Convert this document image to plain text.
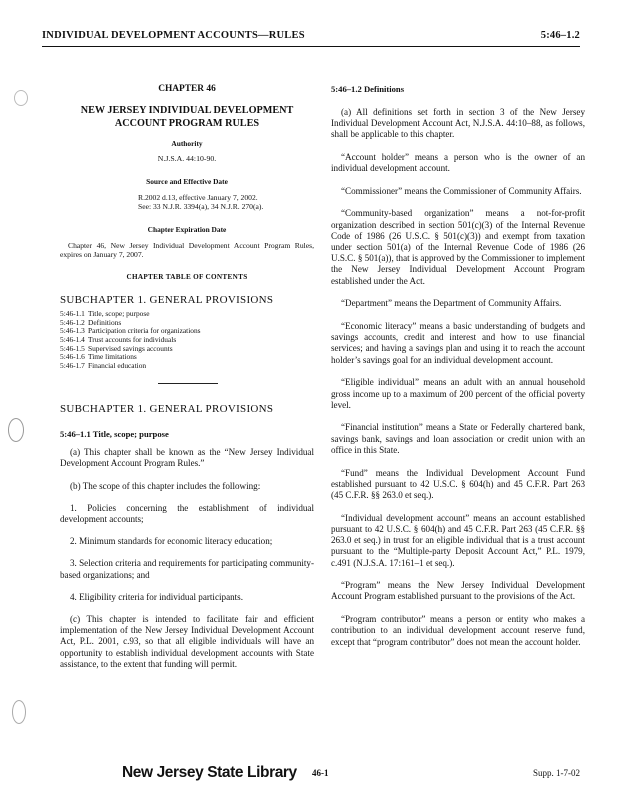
INDIVIDUAL DEVELOPMENT ACCOUNTS—RULES	5:46–1.2

CHAPTER 46

NEW JERSEY INDIVIDUAL DEVELOPMENT ACCOUNT PROGRAM RULES

Authority

N.J.S.A. 44:10-90.

Source and Effective Date

R.2002 d.13, effective January 7, 2002.

See: 33 N.J.R. 3394(a), 34 N.J.R. 270(a).

Chapter Expiration Date

Chapter 46, New Jersey Individual Development Account Program Rules, expires on January 7, 2007.

CHAPTER TABLE OF CONTENTS

SUBCHAPTER 1. GENERAL PROVISIONS

5:46-1.1 Title, scope; purpose
5:46-1.2 Definitions
5:46-1.3 Participation criteria for organizations
5:46-1.4 Trust accounts for individuals
5:46-1.5 Supervised savings accounts
5:46-1.6 Time limitations
5:46-1.7 Financial education

SUBCHAPTER 1. GENERAL PROVISIONS

5:46–1.1 Title, scope; purpose

(a) This chapter shall be known as the “New Jersey Individual Development Account Program Rules.”

(b) The scope of this chapter includes the following:

1. Policies concerning the establishment of individual development accounts;

2. Minimum standards for economic literacy education;

3. Selection criteria and requirements for participating community-based organizations; and

4. Eligibility criteria for individual participants.

(c) This chapter is intended to facilitate fair and efficient implementation of the New Jersey Individual Development Account Act, P.L. 2001, c.93, so that all eligible individuals will have an opportunity to establish individual development accounts with State assistance, to the extent that funding will permit.

5:46–1.2 Definitions

(a) All definitions set forth in section 3 of the New Jersey Individual Development Account Act, N.J.S.A. 44:10–88, as follows, shall be applicable to this chapter.

“Account holder” means a person who is the owner of an individual development account.

“Commissioner” means the Commissioner of Community Affairs.

“Community-based organization” means a not-for-profit organization described in section 501(c)(3) of the Internal Revenue Code of 1986 (26 U.S.C. § 501(c)(3)) and exempt from taxation under section 501(a) of the Internal Revenue Code of 1986 (26 U.S.C. § 501(a)), that is approved by the Commissioner to implement the New Jersey Individual Development Account Program established under the Act.

“Department” means the Department of Community Affairs.

“Economic literacy” means a basic understanding of budgets and savings accounts, credit and interest and how to use financial services; and having a savings plan and using it to reach the account holder’s savings goal for an individual development account.

“Eligible individual” means an adult with an annual household gross income up to a maximum of 200 percent of the official poverty level.

“Financial institution” means a State or Federally chartered bank, savings bank, savings and loan association or credit union with an office in this State.

“Fund” means the Individual Development Account Fund established pursuant to 42 U.S.C. § 604(h) and 45 C.F.R. Part 263 (45 C.F.R. §§ 263.0 et seq.).

“Individual development account” means an account established pursuant to 42 U.S.C. § 604(h) and 45 C.F.R. Part 263 (45 C.F.R. §§ 263.0 et seq.) in trust for an eligible individual that is a trust account pursuant to the “Multiple-party Deposit Account Act,” P.L. 1979, c.491 (N.J.S.A. 17:161–1 et seq.).

“Program” means the New Jersey Individual Development Account Program established pursuant to the provisions of the Act.

“Program contributor” means a person or entity who makes a contribution to an individual development account reserve fund, except that “program contributor” does not mean the account holder.

New Jersey State Library 46-1	Supp. 1-7-02
